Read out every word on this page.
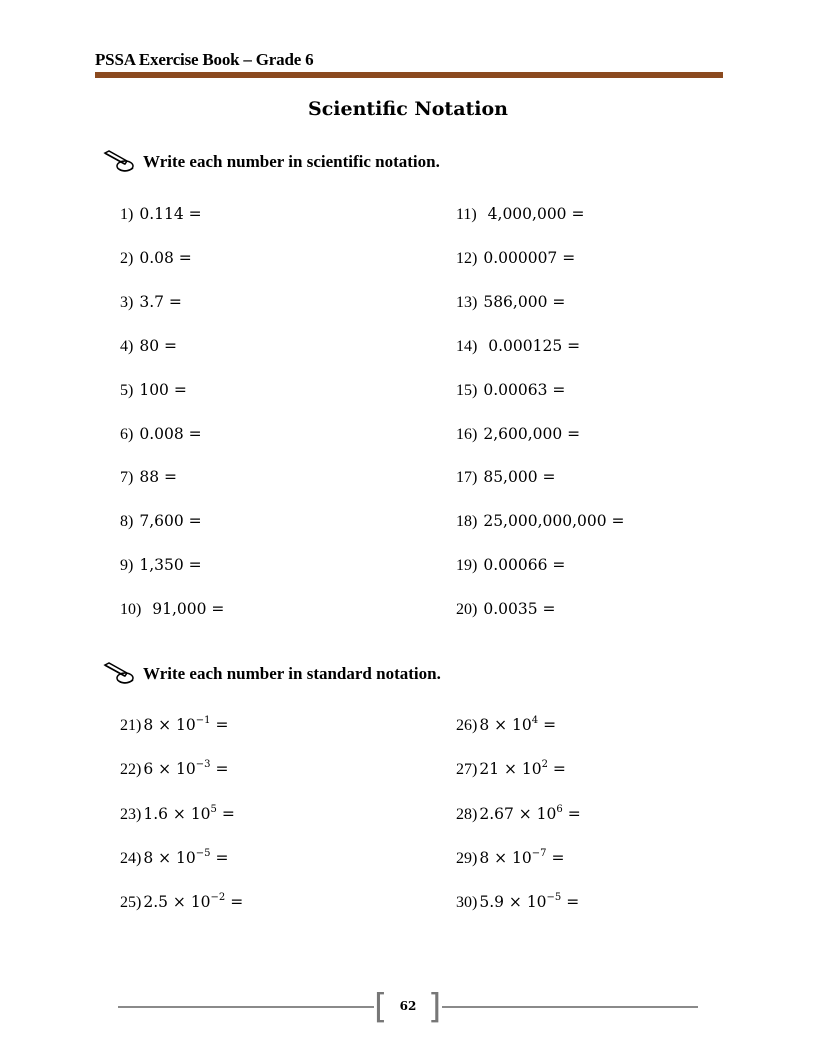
PSSA Exercise Book – Grade 6
Scientific Notation
Write each number in scientific notation.
1) 0.114 =
2) 0.08 =
3) 3.7 =
4) 80 =
5) 100 =
6) 0.008 =
7) 88 =
8) 7,600 =
9) 1,350 =
10) 91,000 =
11) 4,000,000 =
12) 0.000007 =
13) 586,000 =
14) 0.000125 =
15) 0.00063 =
16) 2,600,000 =
17) 85,000 =
18) 25,000,000,000 =
19) 0.00066 =
20) 0.0035 =
Write each number in standard notation.
21) $8 \times 10^{-1}$ =
22) $6 \times 10^{-3}$ =
23) $1.6 \times 10^5$ =
24) $8 \times 10^{-5}$ =
25) $2.5 \times 10^{-2}$ =
26) $8 \times 10^4$ =
27) $21 \times 10^2$ =
28) $2.67 \times 10^6$ =
29) $8 \times 10^{-7}$ =
30) $5.9 \times 10^{-5}$ =
[	62 ]
